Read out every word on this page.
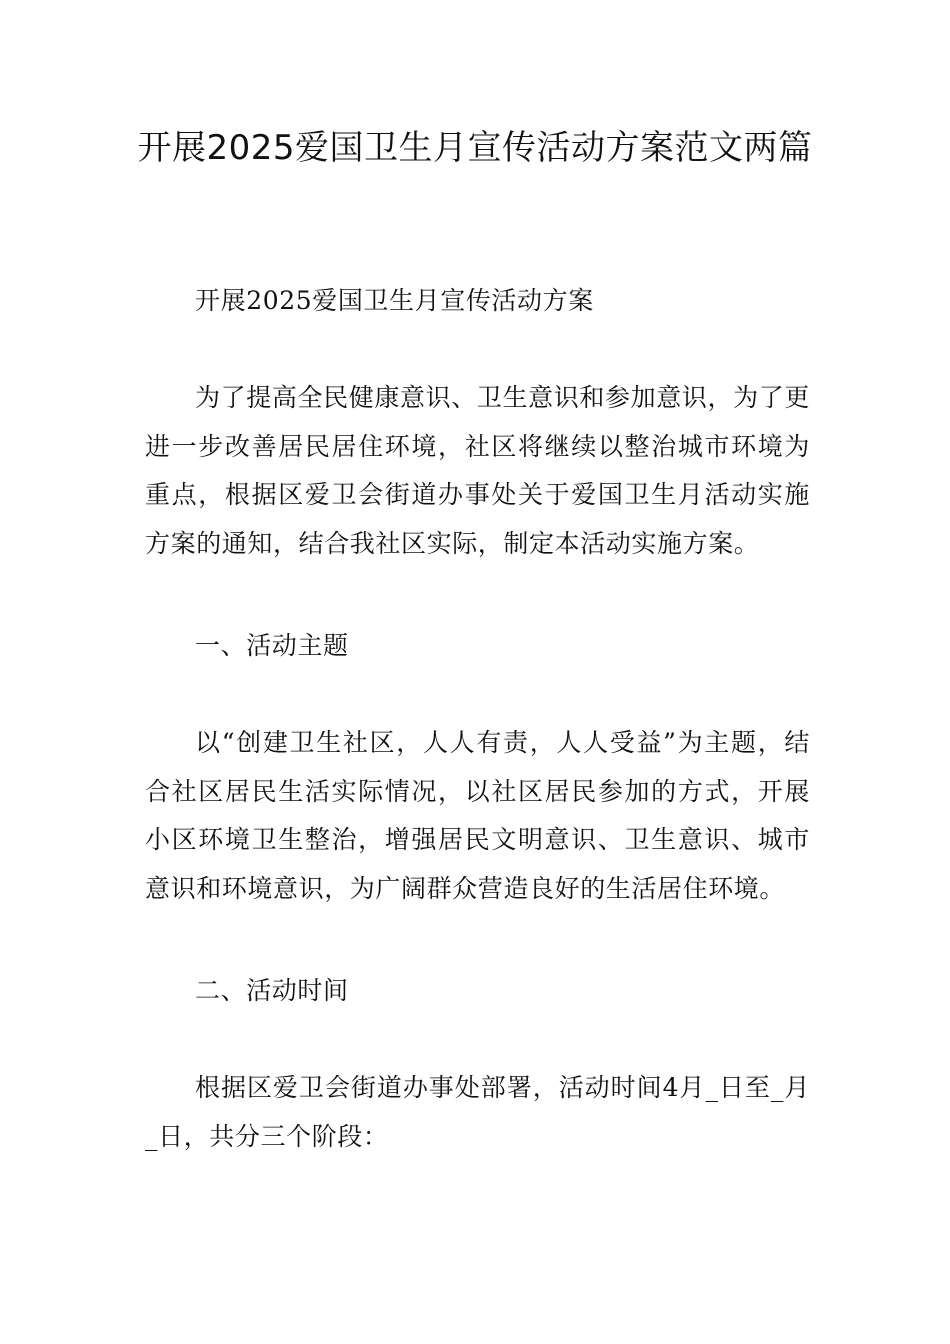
开展2025爱国卫生月宣传活动方案范文两篇

开展2025爱国卫生月宣传活动方案

为了提高全民健康意识、卫生意识和参加意识，为了更进一步改善居民居住环境，社区将继续以整治城市环境为重点，根据区爱卫会街道办事处关于爱国卫生月活动实施方案的通知，结合我社区实际，制定本活动实施方案。

一、活动主题

以“创建卫生社区，人人有责，人人受益”为主题，结合社区居民生活实际情况，以社区居民参加的方式，开展小区环境卫生整治，增强居民文明意识、卫生意识、城市意识和环境意识，为广阔群众营造良好的生活居住环境。

二、活动时间

根据区爱卫会街道办事处部署，活动时间4月_日至_月_日，共分三个阶段：
